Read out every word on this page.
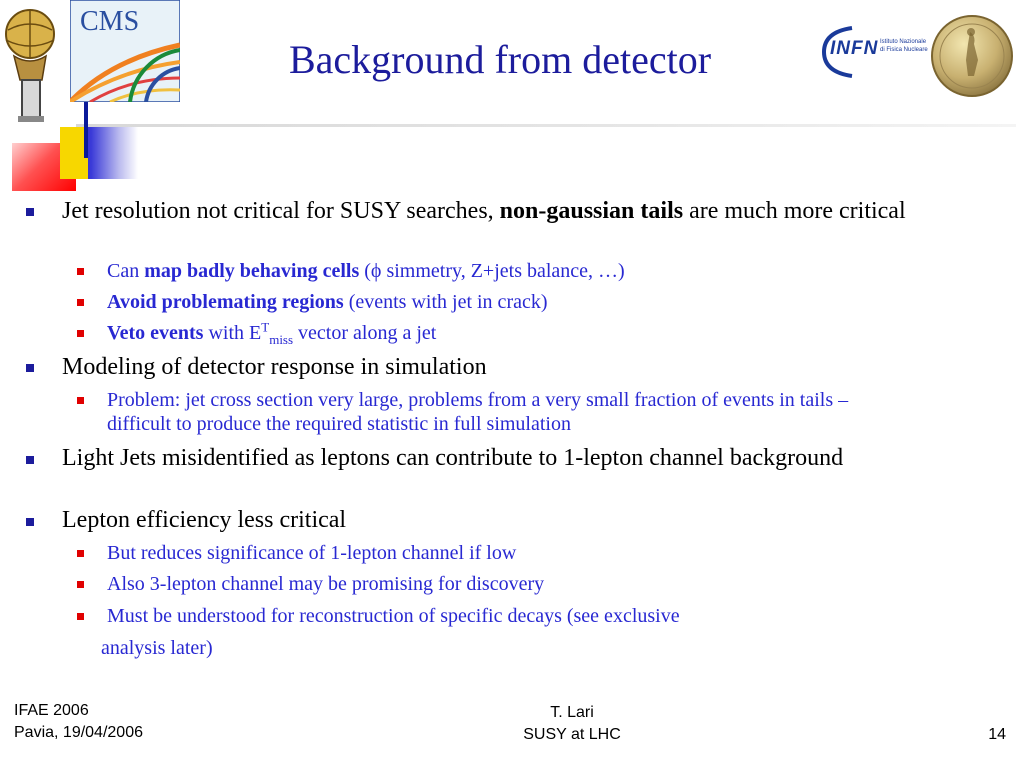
CMS
Background from detector	INFN Istituto Nazionale
di Fisica Nucleare
Jet resolution not critical for SUSY searches, non-gaussian tails are much more critical
Can map badly behaving cells (ϕ simmetry, Z+jets balance, …)
Avoid problemating regions (events with jet in crack)
Veto events with $E^T_{miss}$ vector along a jet
Modeling of detector response in simulation
Problem: jet cross section very large, problems from a very small fraction of events in tails – difficult to produce the required statistic in full simulation
Light Jets misidentified as leptons can contribute to 1-lepton channel background
Lepton efficiency less critical
But reduces significance of 1-lepton channel if low
Also 3-lepton channel may be promising for discovery
Must be understood for reconstruction of specific decays (see exclusive
analysis later)
IFAE 2006
Pavia, 19/04/2006
T. Lari
SUSY at LHC	14
